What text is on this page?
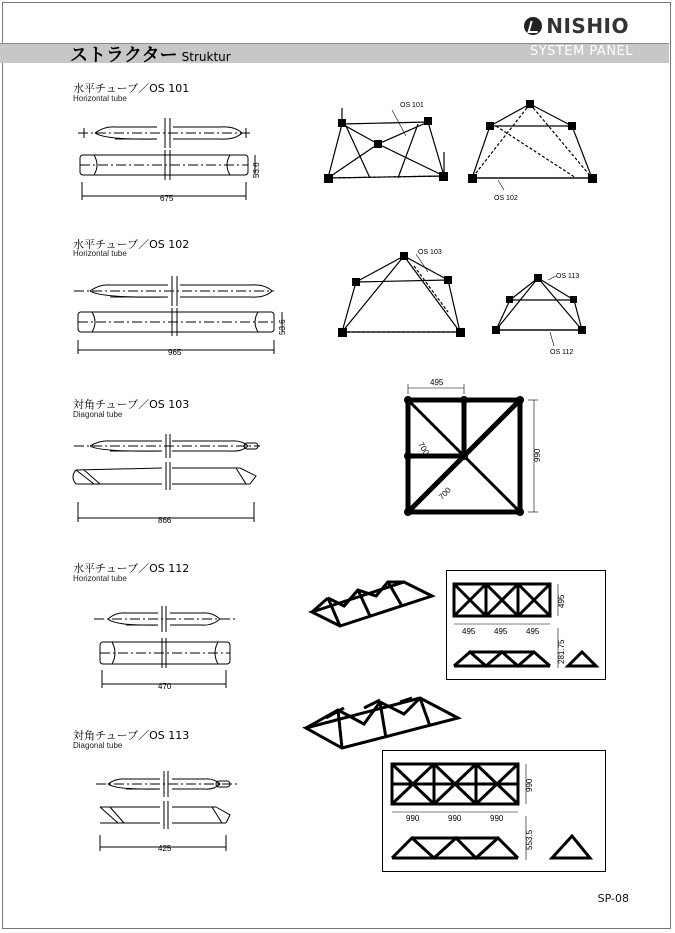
NISHIO
ストラクター Struktur	SYSTEM PANEL
水平チューブ／OS 101
Horizontal tube
水平チューブ／OS 102
Horizontal tube
対角チューブ／OS 103
Diagonal tube
水平チューブ／OS 112
Horizontal tube
対角チューブ／OS 113
Diagonal tube
675
53.6
965
53.6
866
470
425
OS 101
OS 102
OS 103
OS 113
OS 112
495
990
700
700
495 495 495
495
281.75
990	990	990
990
553.5
SP-08
